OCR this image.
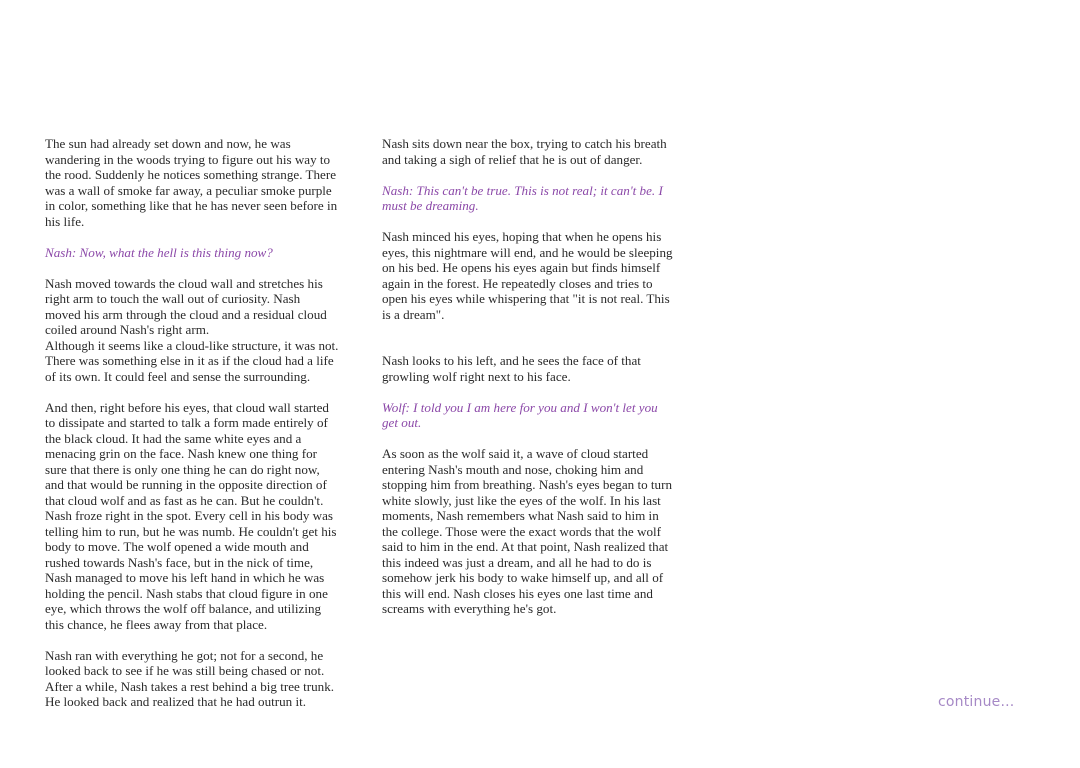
The sun had already set down and now, he was
wandering in the woods trying to figure out his way to
the rood. Suddenly he notices something strange. There
was a wall of smoke far away, a peculiar smoke purple
in color, something like that he has never seen before in
his life.

Nash: Now, what the hell is this thing now?

Nash moved towards the cloud wall and stretches his
right arm to touch the wall out of curiosity. Nash
moved his arm through the cloud and a residual cloud
coiled around Nash's right arm.

Although it seems like a cloud-like structure, it was not.
There was something else in it as if the cloud had a life
of its own. It could feel and sense the surrounding.

And then, right before his eyes, that cloud wall started
to dissipate and started to talk a form made entirely of
the black cloud. It had the same white eyes and a
menacing grin on the face. Nash knew one thing for
sure that there is only one thing he can do right now,
and that would be running in the opposite direction of
that cloud wolf and as fast as he can. But he couldn't.
Nash froze right in the spot. Every cell in his body was
telling him to run, but he was numb. He couldn't get his
body to move. The wolf opened a wide mouth and
rushed towards Nash's face, but in the nick of time,
Nash managed to move his left hand in which he was
holding the pencil. Nash stabs that cloud figure in one
eye, which throws the wolf off balance, and utilizing
this chance, he flees away from that place.

Nash ran with everything he got; not for a second, he
looked back to see if he was still being chased or not.
After a while, Nash takes a rest behind a big tree trunk.
He looked back and realized that he had outrun it.

Nash sits down near the box, trying to catch his breath
and taking a sigh of relief that he is out of danger.

Nash: This can't be true. This is not real; it can't be. I
must be dreaming.

Nash minced his eyes, hoping that when he opens his
eyes, this nightmare will end, and he would be sleeping
on his bed. He opens his eyes again but finds himself
again in the forest. He repeatedly closes and tries to
open his eyes while whispering that "it is not real. This
is a dream".

Nash looks to his left, and he sees the face of that
growling wolf right next to his face.

Wolf: I told you I am here for you and I won't let you
get out.

As soon as the wolf said it, a wave of cloud started
entering Nash's mouth and nose, choking him and
stopping him from breathing. Nash's eyes began to turn
white slowly, just like the eyes of the wolf. In his last
moments, Nash remembers what Nash said to him in
the college. Those were the exact words that the wolf
said to him in the end. At that point, Nash realized that
this indeed was just a dream, and all he had to do is
somehow jerk his body to wake himself up, and all of
this will end. Nash closes his eyes one last time and
screams with everything he's got.

continue...
